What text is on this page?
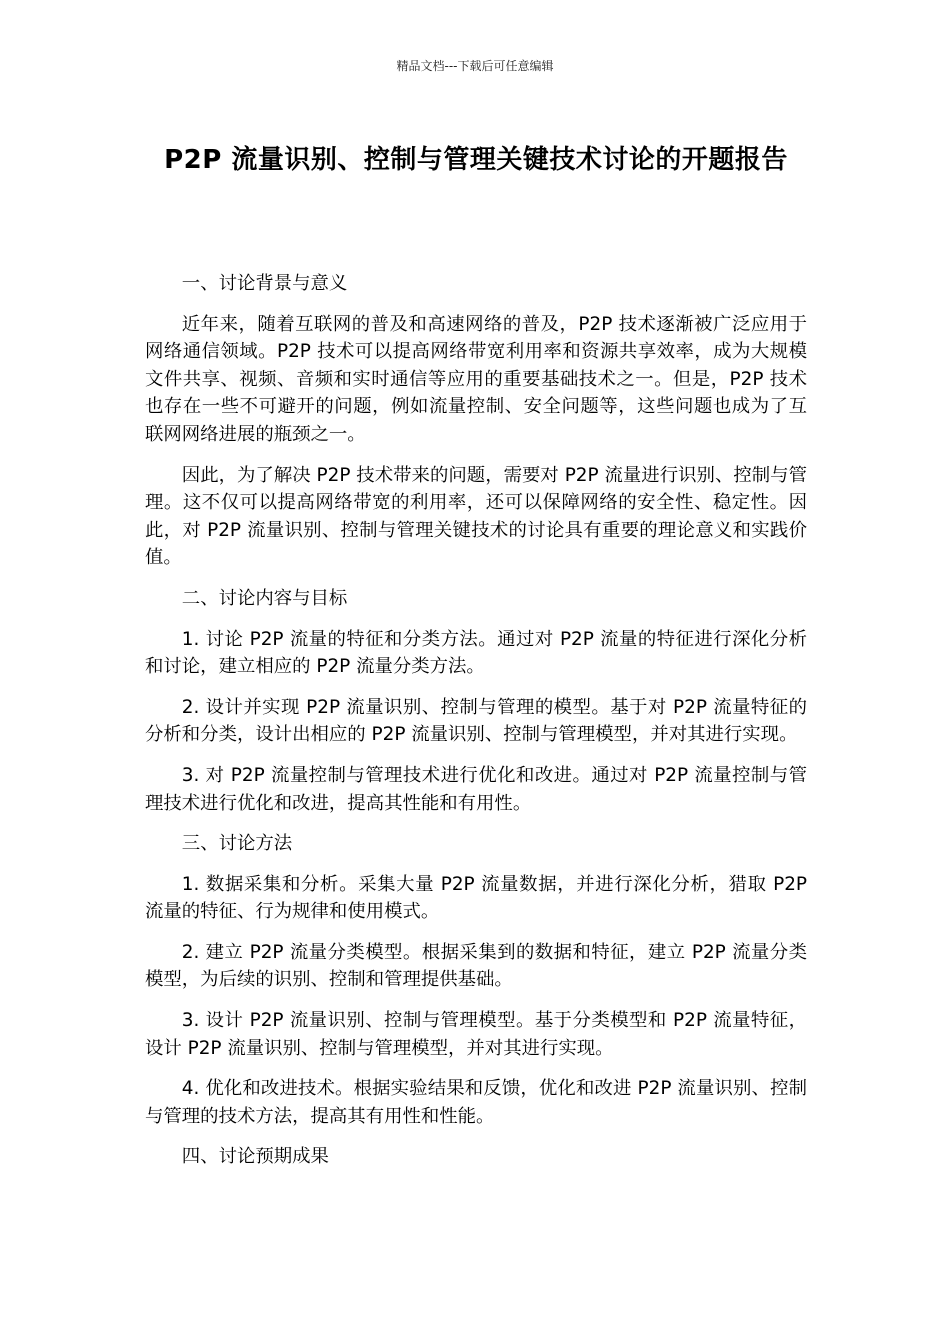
精品文档---下载后可任意编辑
P2P 流量识别、控制与管理关键技术讨论的开题报告

一、讨论背景与意义

近年来，随着互联网的普及和高速网络的普及，P2P 技术逐渐被广泛应用于网络通信领域。P2P 技术可以提高网络带宽利用率和资源共享效率，成为大规模文件共享、视频、音频和实时通信等应用的重要基础技术之一。但是，P2P 技术也存在一些不可避开的问题，例如流量控制、安全问题等，这些问题也成为了互联网网络进展的瓶颈之一。

因此，为了解决 P2P 技术带来的问题，需要对 P2P 流量进行识别、控制与管理。这不仅可以提高网络带宽的利用率，还可以保障网络的安全性、稳定性。因此，对 P2P 流量识别、控制与管理关键技术的讨论具有重要的理论意义和实践价值。

二、讨论内容与目标

1. 讨论 P2P 流量的特征和分类方法。通过对 P2P 流量的特征进行深化分析和讨论，建立相应的 P2P 流量分类方法。

2. 设计并实现 P2P 流量识别、控制与管理的模型。基于对 P2P 流量特征的分析和分类，设计出相应的 P2P 流量识别、控制与管理模型，并对其进行实现。

3. 对 P2P 流量控制与管理技术进行优化和改进。通过对 P2P 流量控制与管理技术进行优化和改进，提高其性能和有用性。

三、讨论方法

1. 数据采集和分析。采集大量 P2P 流量数据，并进行深化分析，猎取 P2P 流量的特征、行为规律和使用模式。

2. 建立 P2P 流量分类模型。根据采集到的数据和特征，建立 P2P 流量分类模型，为后续的识别、控制和管理提供基础。

3. 设计 P2P 流量识别、控制与管理模型。基于分类模型和 P2P 流量特征，设计 P2P 流量识别、控制与管理模型，并对其进行实现。

4. 优化和改进技术。根据实验结果和反馈，优化和改进 P2P 流量识别、控制与管理的技术方法，提高其有用性和性能。

四、讨论预期成果
